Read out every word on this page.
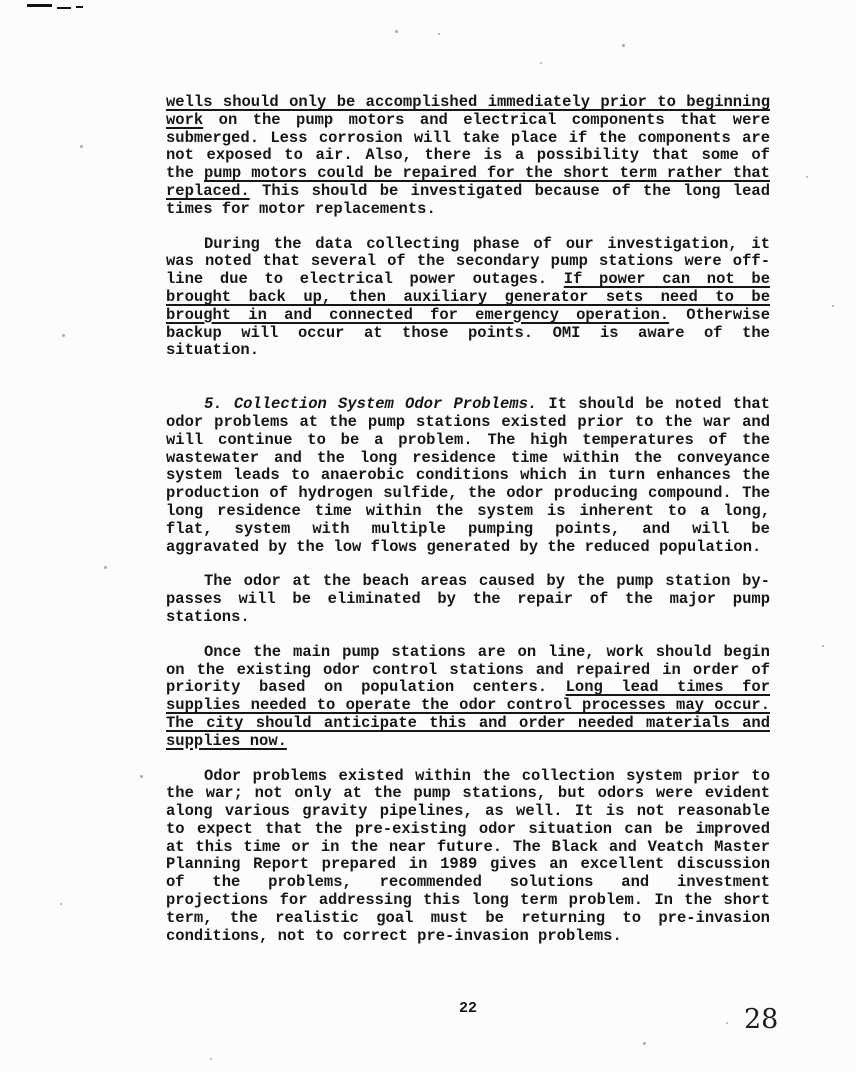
wells should only be accomplished immediately prior to beginning work on the pump motors and electrical components that were submerged. Less corrosion will take place if the components are not exposed to air. Also, there is a possibility that some of the pump motors could be repaired for the short term rather that replaced. This should be investigated because of the long lead times for motor replacements.

During the data collecting phase of our investigation, it was noted that several of the secondary pump stations were off-line due to electrical power outages. If power can not be brought back up, then auxiliary generator sets need to be brought in and connected for emergency operation. Otherwise backup will occur at those points. OMI is aware of the situation.

5. Collection System Odor Problems. It should be noted that odor problems at the pump stations existed prior to the war and will continue to be a problem. The high temperatures of the wastewater and the long residence time within the conveyance system leads to anaerobic conditions which in turn enhances the production of hydrogen sulfide, the odor producing compound. The long residence time within the system is inherent to a long, flat, system with multiple pumping points, and will be aggravated by the low flows generated by the reduced population.

The odor at the beach areas caused by the pump station by-passes will be eliminated by the repair of the major pump stations.

Once the main pump stations are on line, work should begin on the existing odor control stations and repaired in order of priority based on population centers. Long lead times for supplies needed to operate the odor control processes may occur. The city should anticipate this and order needed materials and supplies now.

Odor problems existed within the collection system prior to the war; not only at the pump stations, but odors were evident along various gravity pipelines, as well. It is not reasonable to expect that the pre-existing odor situation can be improved at this time or in the near future. The Black and Veatch Master Planning Report prepared in 1989 gives an excellent discussion of the problems, recommended solutions and investment projections for addressing this long term problem. In the short term, the realistic goal must be returning to pre-invasion conditions, not to correct pre-invasion problems.

22	28
